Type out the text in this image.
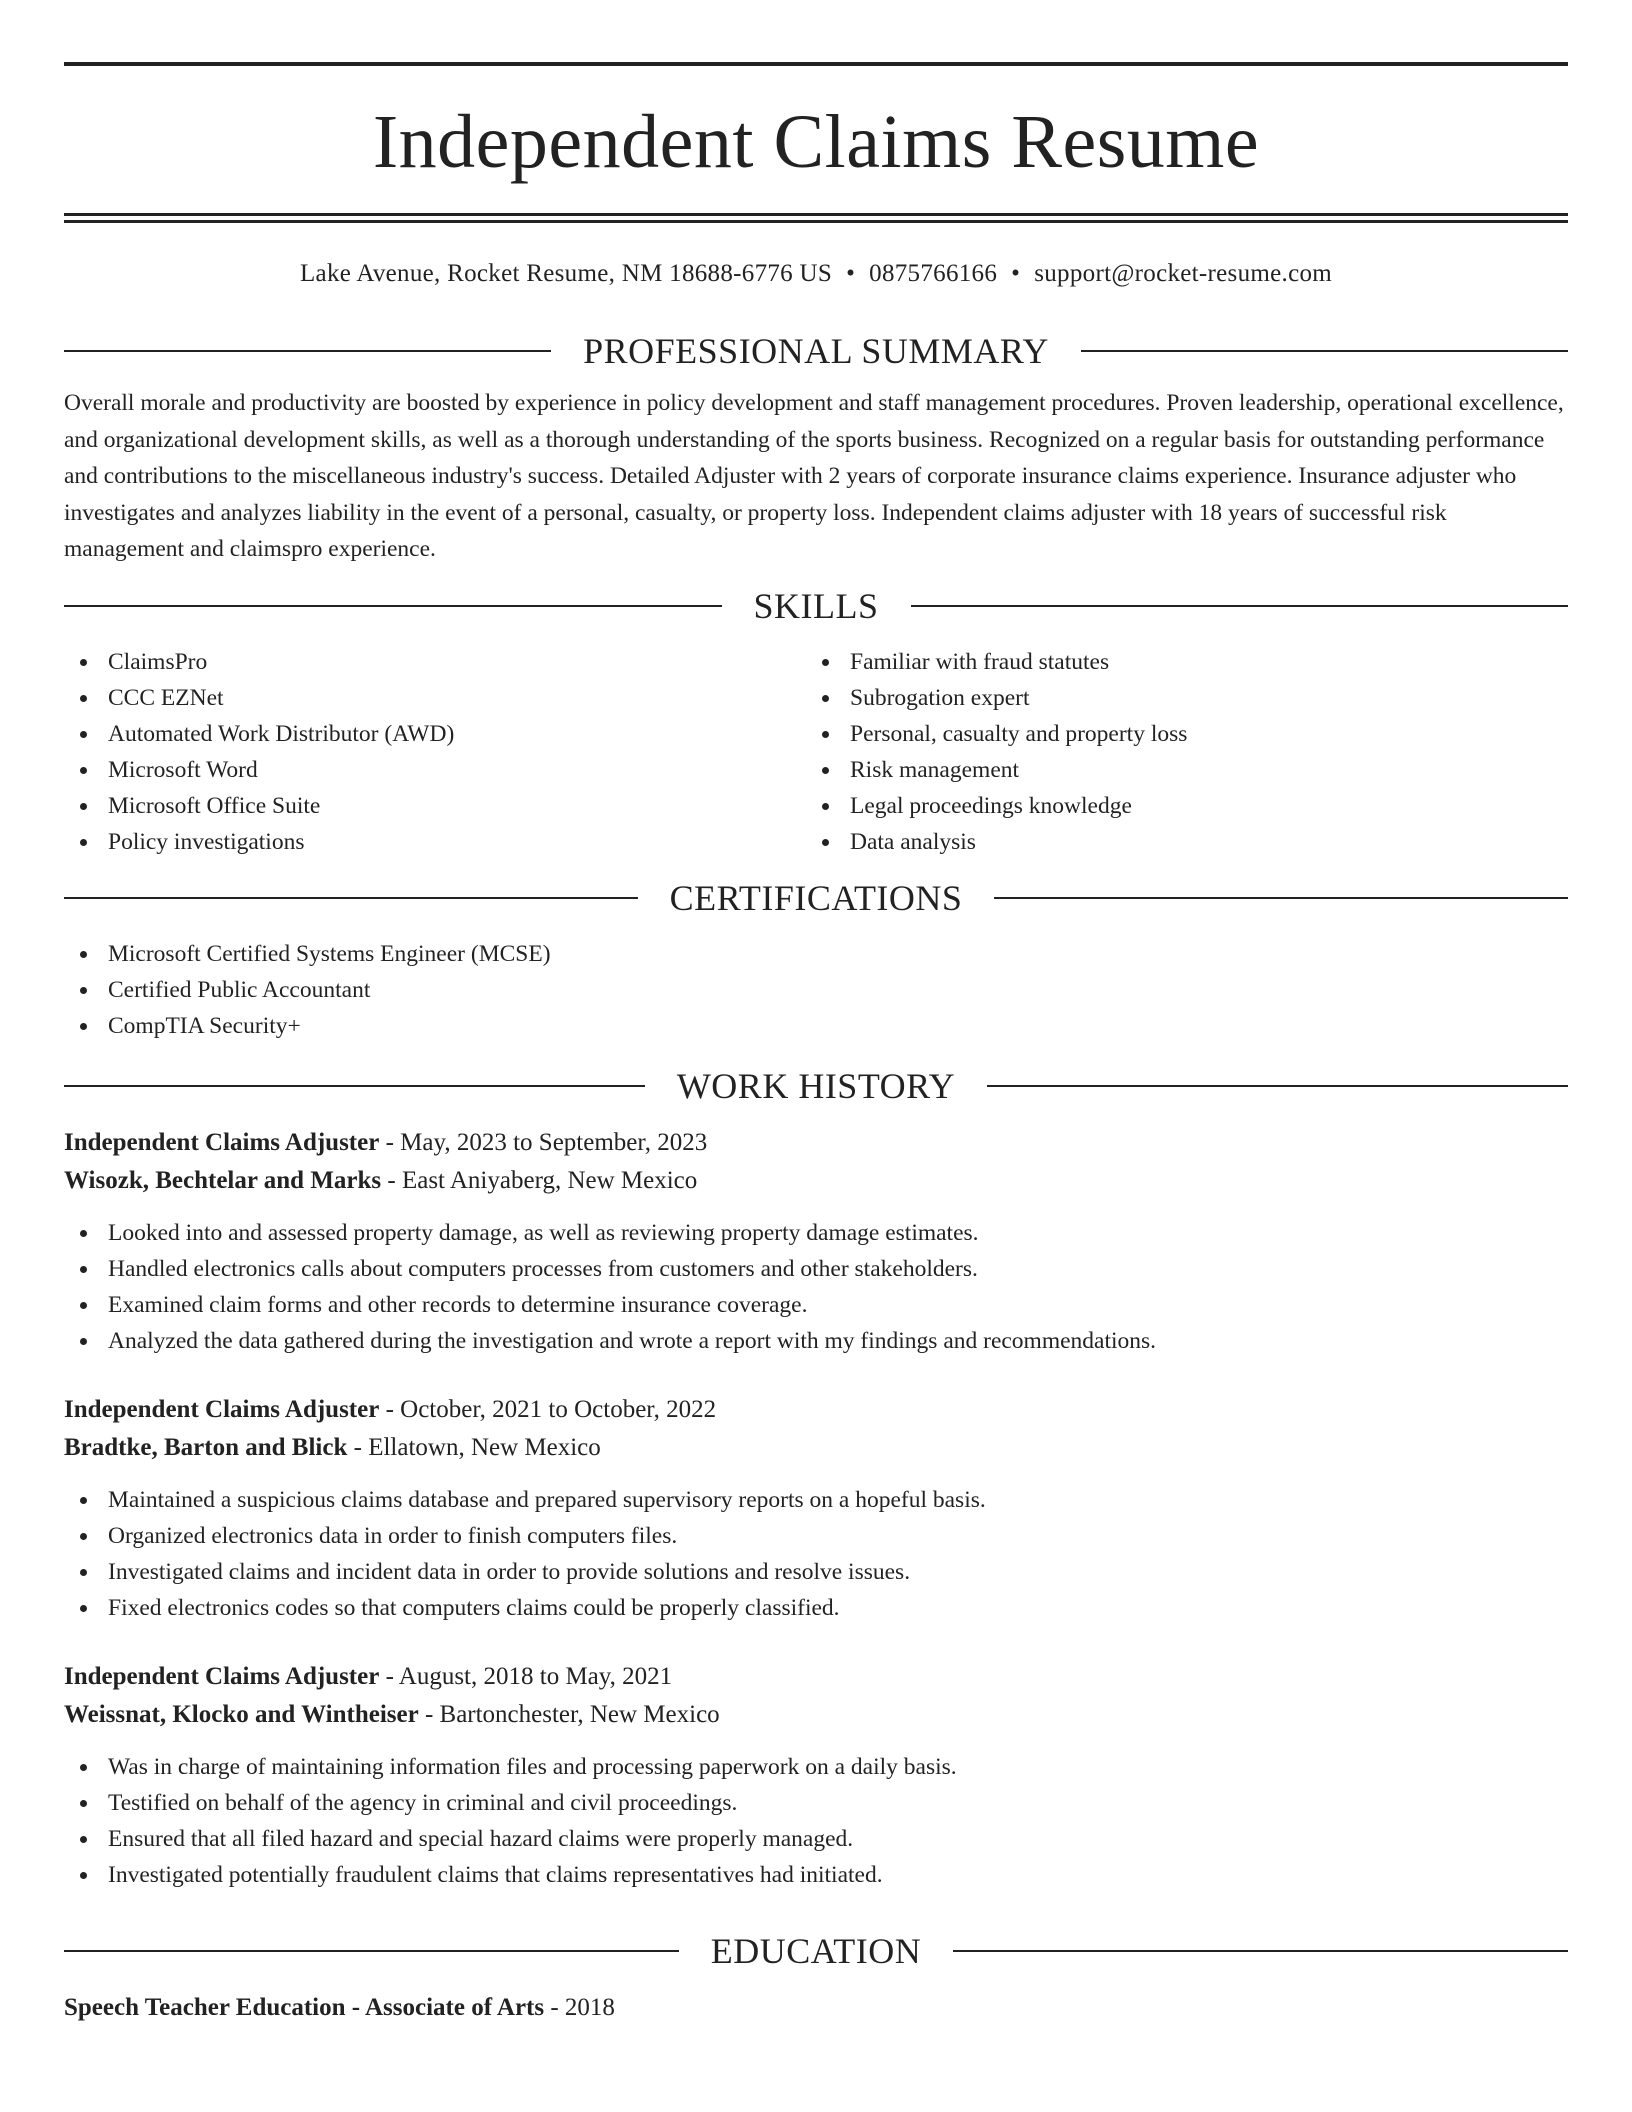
Independent Claims Resume
Lake Avenue, Rocket Resume, NM 18688-6776 US • 0875766166 • support@rocket-resume.com
PROFESSIONAL SUMMARY

Overall morale and productivity are boosted by experience in policy development and staff management procedures. Proven leadership, operational excellence, and organizational development skills, as well as a thorough understanding of the sports business. Recognized on a regular basis for outstanding performance and contributions to the miscellaneous industry's success. Detailed Adjuster with 2 years of corporate insurance claims experience. Insurance adjuster who investigates and analyzes liability in the event of a personal, casualty, or property loss. Independent claims adjuster with 18 years of successful risk management and claimspro experience.

SKILLS
ClaimsPro
CCC EZNet
Automated Work Distributor (AWD)
Microsoft Word
Microsoft Office Suite
Policy investigations
Familiar with fraud statutes
Subrogation expert
Personal, casualty and property loss
Risk management
Legal proceedings knowledge
Data analysis
CERTIFICATIONS
Microsoft Certified Systems Engineer (MCSE)
Certified Public Accountant
CompTIA Security+
WORK HISTORY
Independent Claims Adjuster - May, 2023 to September, 2023
Wisozk, Bechtelar and Marks - East Aniyaberg, New Mexico
Looked into and assessed property damage, as well as reviewing property damage estimates.
Handled electronics calls about computers processes from customers and other stakeholders.
Examined claim forms and other records to determine insurance coverage.
Analyzed the data gathered during the investigation and wrote a report with my findings and recommendations.
Independent Claims Adjuster - October, 2021 to October, 2022
Bradtke, Barton and Blick - Ellatown, New Mexico
Maintained a suspicious claims database and prepared supervisory reports on a hopeful basis.
Organized electronics data in order to finish computers files.
Investigated claims and incident data in order to provide solutions and resolve issues.
Fixed electronics codes so that computers claims could be properly classified.
Independent Claims Adjuster - August, 2018 to May, 2021
Weissnat, Klocko and Wintheiser - Bartonchester, New Mexico
Was in charge of maintaining information files and processing paperwork on a daily basis.
Testified on behalf of the agency in criminal and civil proceedings.
Ensured that all filed hazard and special hazard claims were properly managed.
Investigated potentially fraudulent claims that claims representatives had initiated.
EDUCATION
Speech Teacher Education - Associate of Arts - 2018
